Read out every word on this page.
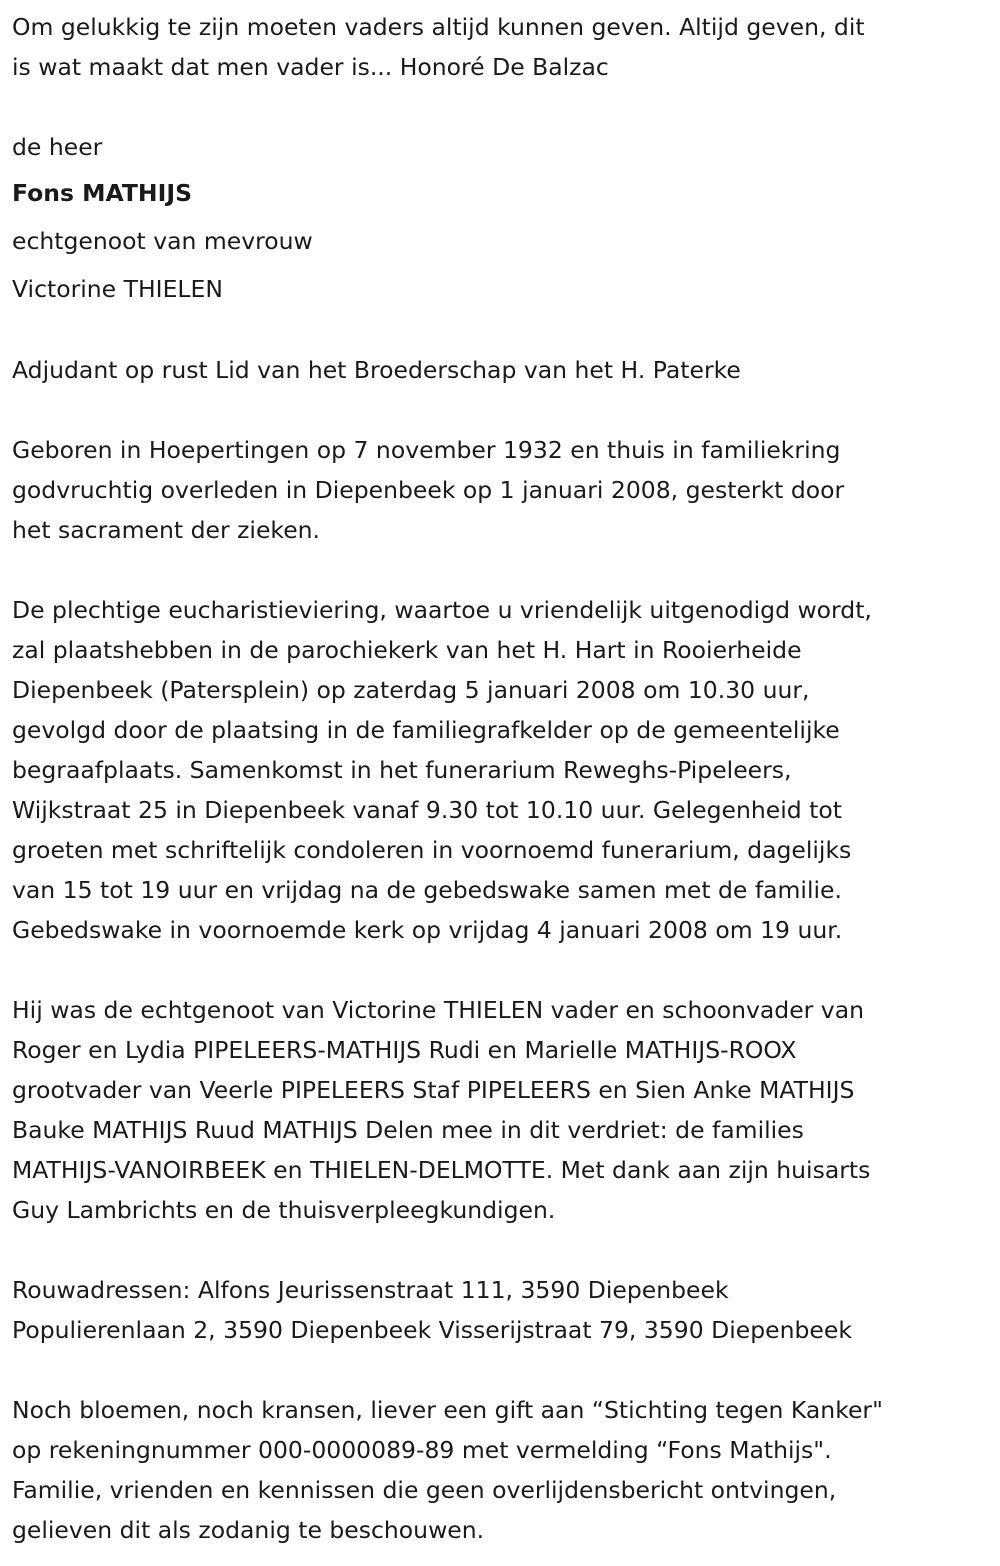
Om gelukkig te zijn moeten vaders altijd kunnen geven. Altijd geven, dit
is wat maakt dat men vader is... Honoré De Balzac
de heer
Fons MATHIJS
echtgenoot van mevrouw
Victorine THIELEN
Adjudant op rust Lid van het Broederschap van het H. Paterke
Geboren in Hoepertingen op 7 november 1932 en thuis in familiekring
godvruchtig overleden in Diepenbeek op 1 januari 2008, gesterkt door
het sacrament der zieken.
De plechtige eucharistieviering, waartoe u vriendelijk uitgenodigd wordt,
zal plaatshebben in de parochiekerk van het H. Hart in Rooierheide
Diepenbeek (Patersplein) op zaterdag 5 januari 2008 om 10.30 uur,
gevolgd door de plaatsing in de familiegrafkelder op de gemeentelijke
begraafplaats. Samenkomst in het funerarium Reweghs-Pipeleers,
Wijkstraat 25 in Diepenbeek vanaf 9.30 tot 10.10 uur. Gelegenheid tot
groeten met schriftelijk condoleren in voornoemd funerarium, dagelijks
van 15 tot 19 uur en vrijdag na de gebedswake samen met de familie.
Gebedswake in voornoemde kerk op vrijdag 4 januari 2008 om 19 uur.
Hij was de echtgenoot van Victorine THIELEN vader en schoonvader van
Roger en Lydia PIPELEERS-MATHIJS Rudi en Marielle MATHIJS-ROOX
grootvader van Veerle PIPELEERS Staf PIPELEERS en Sien Anke MATHIJS
Bauke MATHIJS Ruud MATHIJS Delen mee in dit verdriet: de families
MATHIJS-VANOIRBEEK en THIELEN-DELMOTTE. Met dank aan zijn huisarts
Guy Lambrichts en de thuisverpleegkundigen.
Rouwadressen: Alfons Jeurissenstraat 111, 3590 Diepenbeek
Populierenlaan 2, 3590 Diepenbeek Visserijstraat 79, 3590 Diepenbeek
Noch bloemen, noch kransen, liever een gift aan “Stichting tegen Kanker"
op rekeningnummer 000-0000089-89 met vermelding “Fons Mathijs".
Familie, vrienden en kennissen die geen overlijdensbericht ontvingen,
gelieven dit als zodanig te beschouwen.
